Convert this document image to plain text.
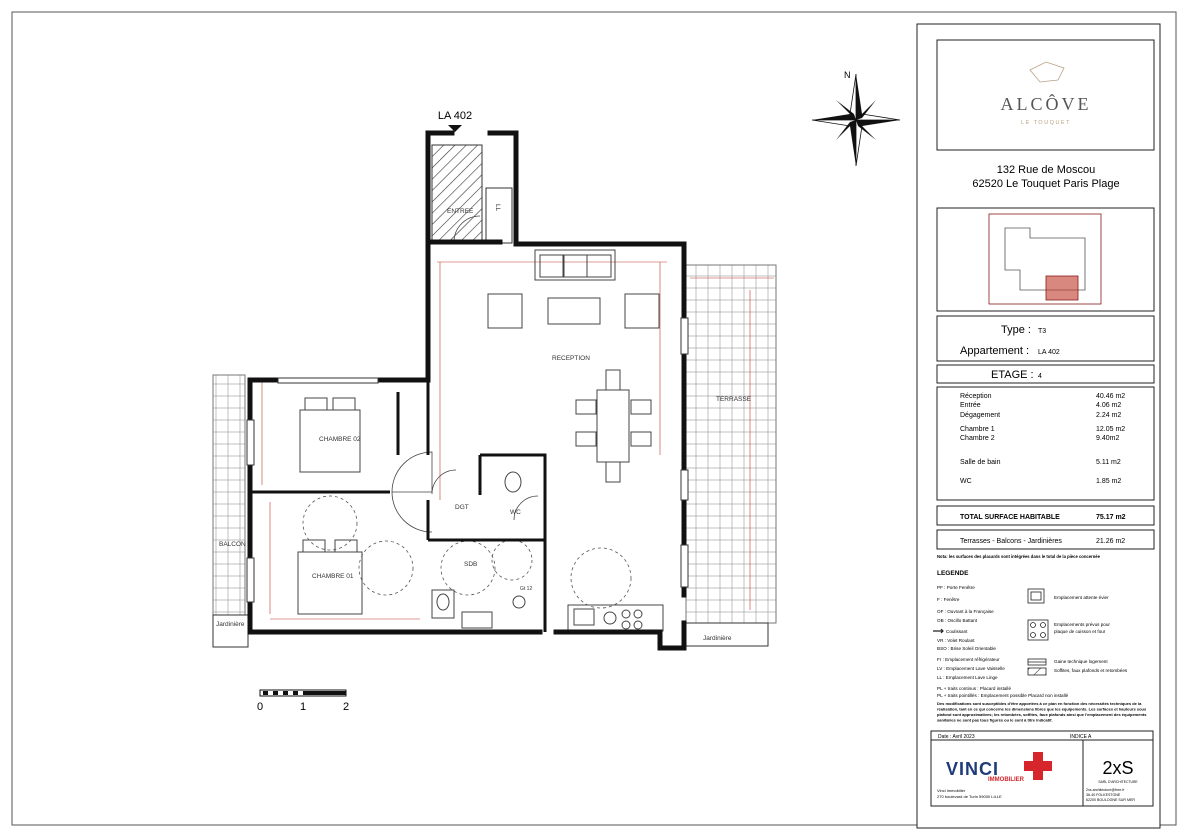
LA 402
ENTREE
RECEPTION
TERRASSE
CHAMBRE 02
CHAMBRE 01
DGT
WC
SDB
BALCON
Jardinière
Jardinière
LL
Gt 12
0	1	2
N
ALCÔVE
LE TOUQUET
132 Rue de Moscou
62520 Le Touquet Paris Plage
Type : T3
Appartement : LA 402
ETAGE : 4
Réception	40.46 m2
Entrée	4.06 m2
Dégagement	2.24 m2
Chambre 1	12.05 m2
Chambre 2	9.40m2
Salle de bain	5.11 m2
WC	1.85 m2
TOTAL SURFACE HABITABLE	75.17 m2
Terrasses - Balcons - Jardinières	21.26 m2
Nota: les surfaces des placards sont intégrées dans le total de la pièce concernée
LEGENDE
PF : Porte Fenêtre
F : Fenêtre
OF : Ouvrant à la Française
OB : Oscillo Battant
Coulissant
VR : Volet Roulant
BSO : Brise Soleil Orientable
Fr : Emplacement réfrigérateur
LV : Emplacement Lave Vaisselle
LL : Emplacement Lave Linge
PL + traits continus : Placard installé
PL + traits pointillés : Emplacement possible Placard non installé
Emplacement attente évier
Emplacements prévus pour
plaque de cuisson et four
Gaine technique logement
Soffites, faux plafonds et retombées
Des modifications sont susceptibles d'être apportées à ce plan en fonction des nécessités techniques de la
réalisation, tant en ce qui concerne les dimensions libres que les équipements. Les surfaces et hauteurs sous
plafond sont approximatives; les retombées, soffites, faux plafonds ainsi que l'emplacement des équipements
sanitaires ne sont pas tous figurés ou le sont à titre indicatif.
Date : Avril 2023	INDICE A
VINCI
IMMOBILIER
Vinci Immobilier
270 boulevard de Turin 59000 LILLE
2xS
SARL D'ARCHITECTURE
2xs.architecture@free.fr
36-40 FOLKESTONE
62200 BOULOGNE SUR MER
